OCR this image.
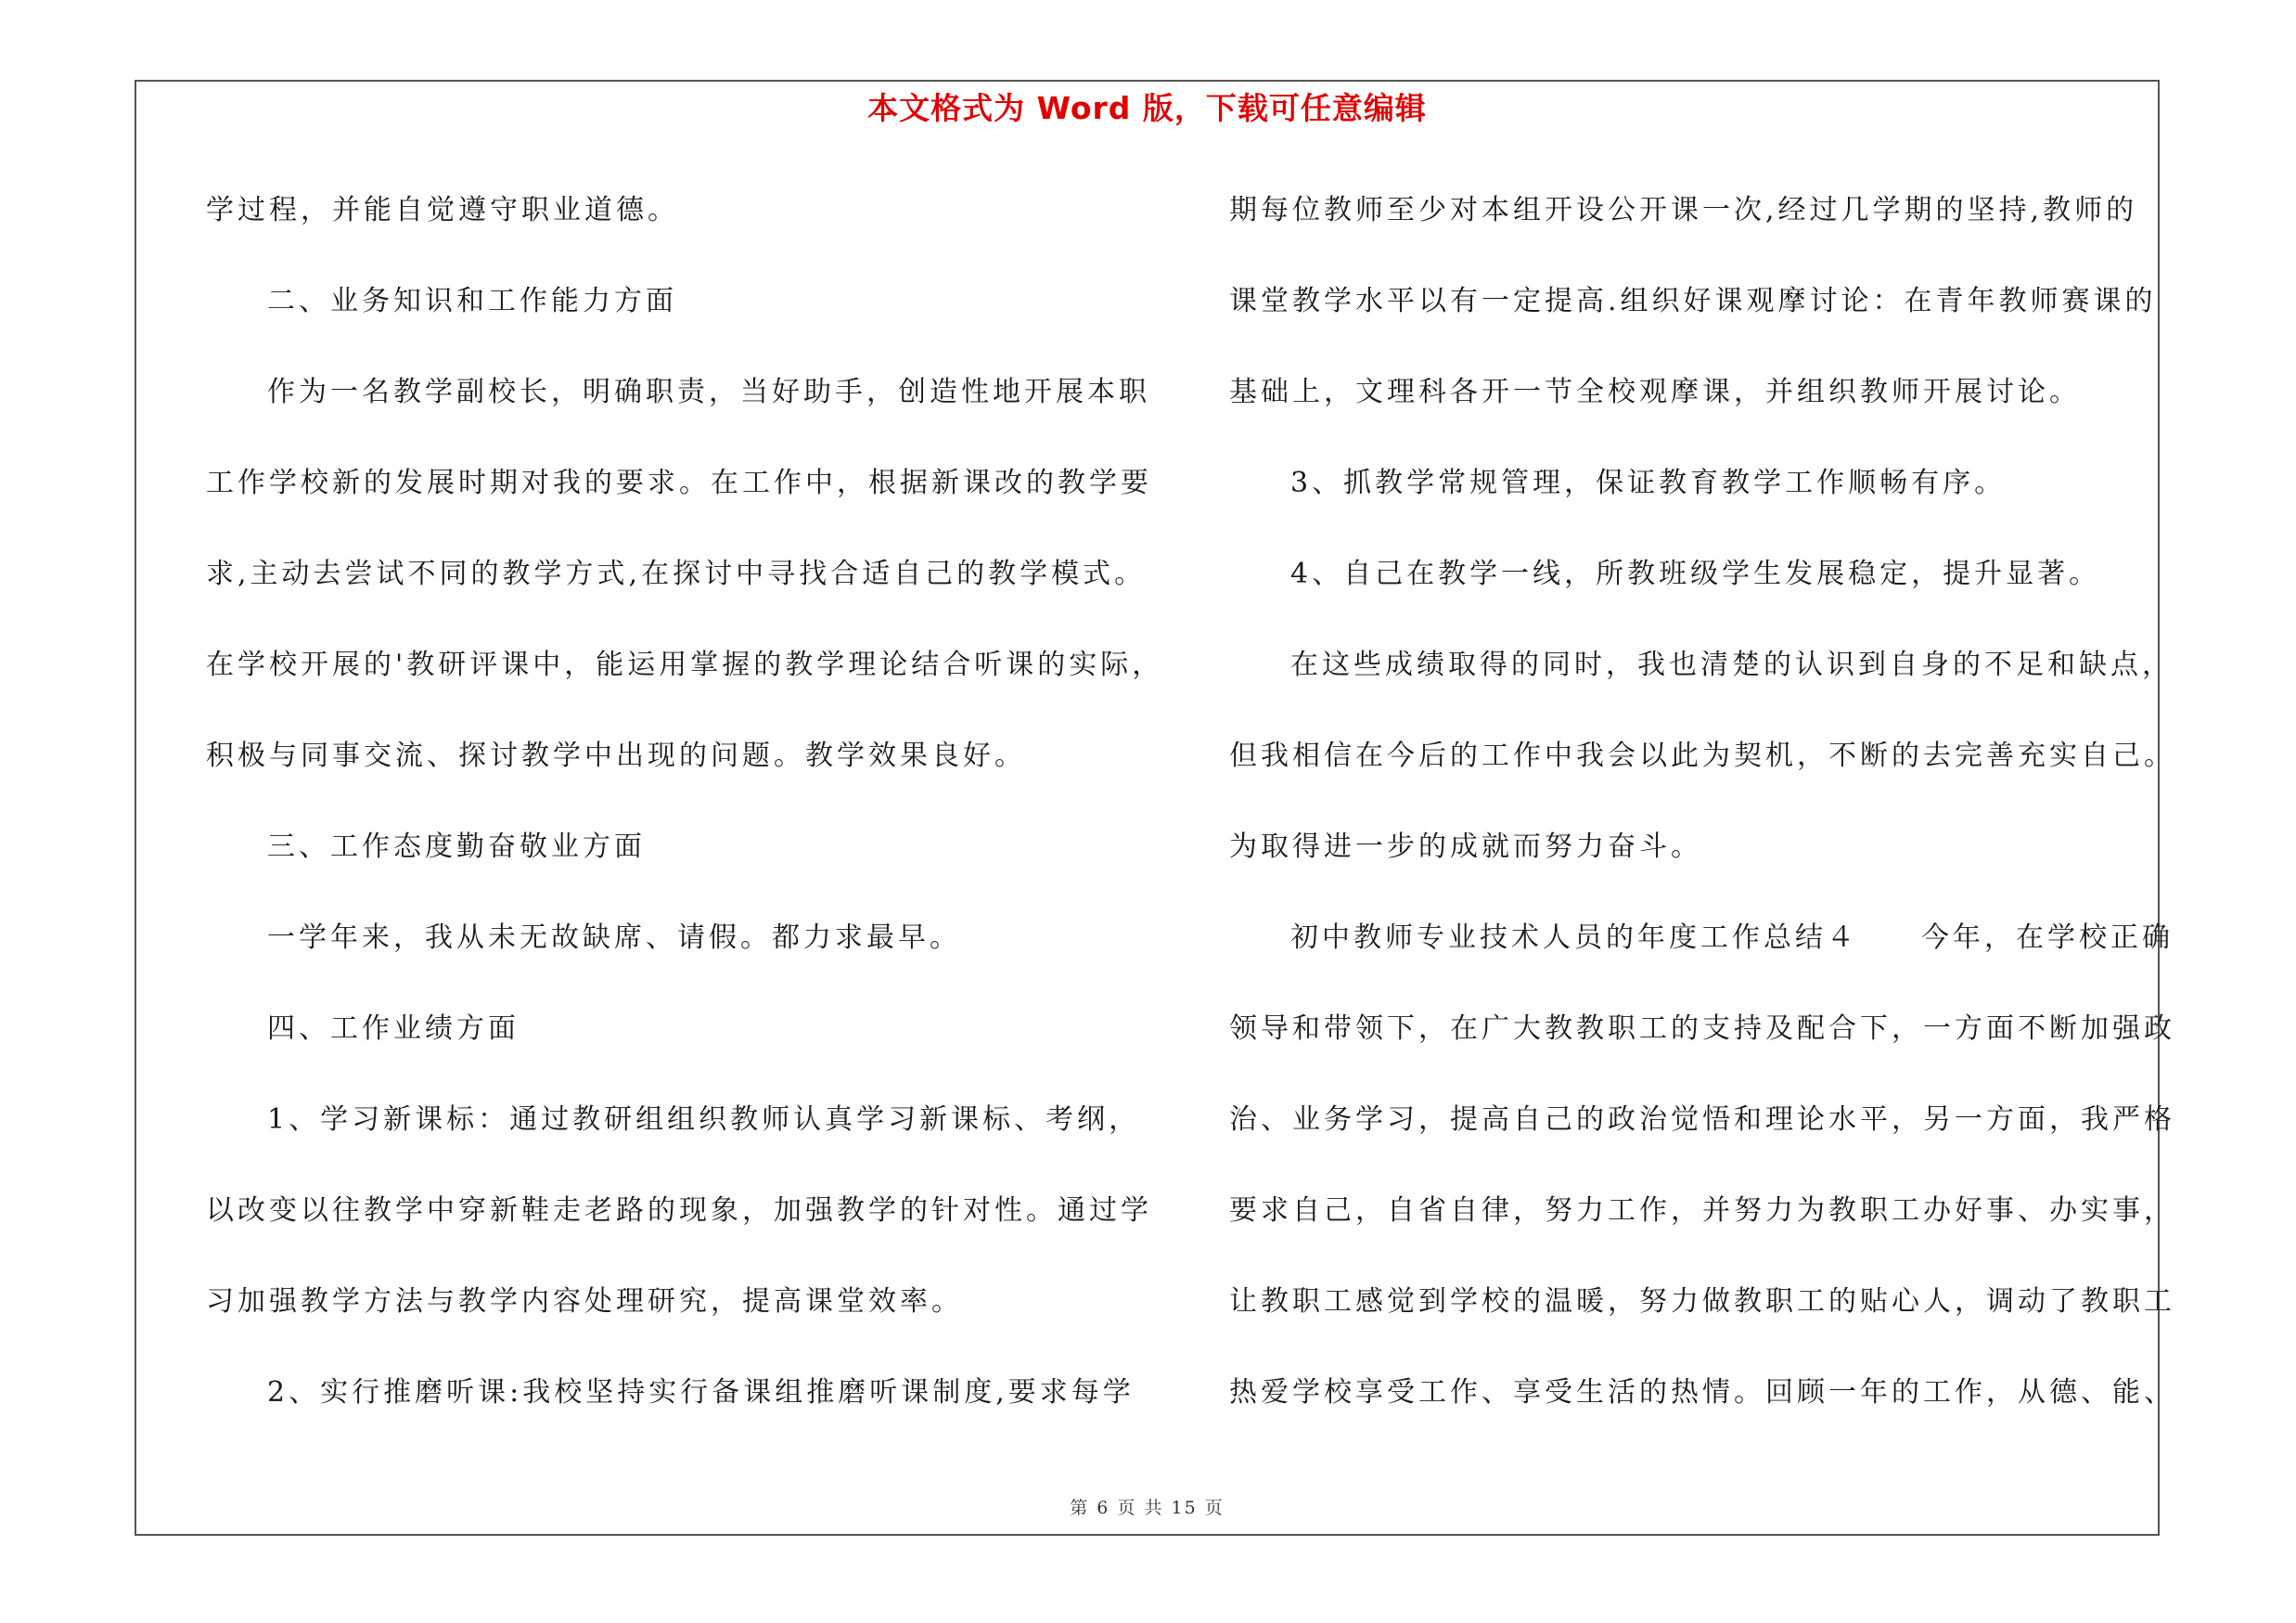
本文格式为 Word 版，下载可任意编辑
学过程，并能自觉遵守职业道德。
二、业务知识和工作能力方面
作为一名教学副校长，明确职责，当好助手，创造性地开展本职
工作学校新的发展时期对我的要求。在工作中，根据新课改的教学要
求,主动去尝试不同的教学方式,在探讨中寻找合适自己的教学模式。
在学校开展的'教研评课中，能运用掌握的教学理论结合听课的实际，
积极与同事交流、探讨教学中出现的问题。教学效果良好。
三、工作态度勤奋敬业方面
一学年来，我从未无故缺席、请假。都力求最早。
四、工作业绩方面
1、学习新课标：通过教研组组织教师认真学习新课标、考纲，
以改变以往教学中穿新鞋走老路的现象，加强教学的针对性。通过学
习加强教学方法与教学内容处理研究，提高课堂效率。
2、实行推磨听课:我校坚持实行备课组推磨听课制度,要求每学
期每位教师至少对本组开设公开课一次,经过几学期的坚持,教师的
课堂教学水平以有一定提高.组织好课观摩讨论：在青年教师赛课的
基础上，文理科各开一节全校观摩课，并组织教师开展讨论。
3、抓教学常规管理，保证教育教学工作顺畅有序。
4、自己在教学一线，所教班级学生发展稳定，提升显著。
在这些成绩取得的同时，我也清楚的认识到自身的不足和缺点，
但我相信在今后的工作中我会以此为契机，不断的去完善充实自己。
为取得进一步的成就而努力奋斗。
初中教师专业技术人员的年度工作总结４　　今年，在学校正确
领导和带领下，在广大教教职工的支持及配合下，一方面不断加强政
治、业务学习，提高自己的政治觉悟和理论水平，另一方面，我严格
要求自己，自省自律，努力工作，并努力为教职工办好事、办实事，
让教职工感觉到学校的温暖，努力做教职工的贴心人，调动了教职工
热爱学校享受工作、享受生活的热情。回顾一年的工作，从德、能、
第 6 页 共 15 页
